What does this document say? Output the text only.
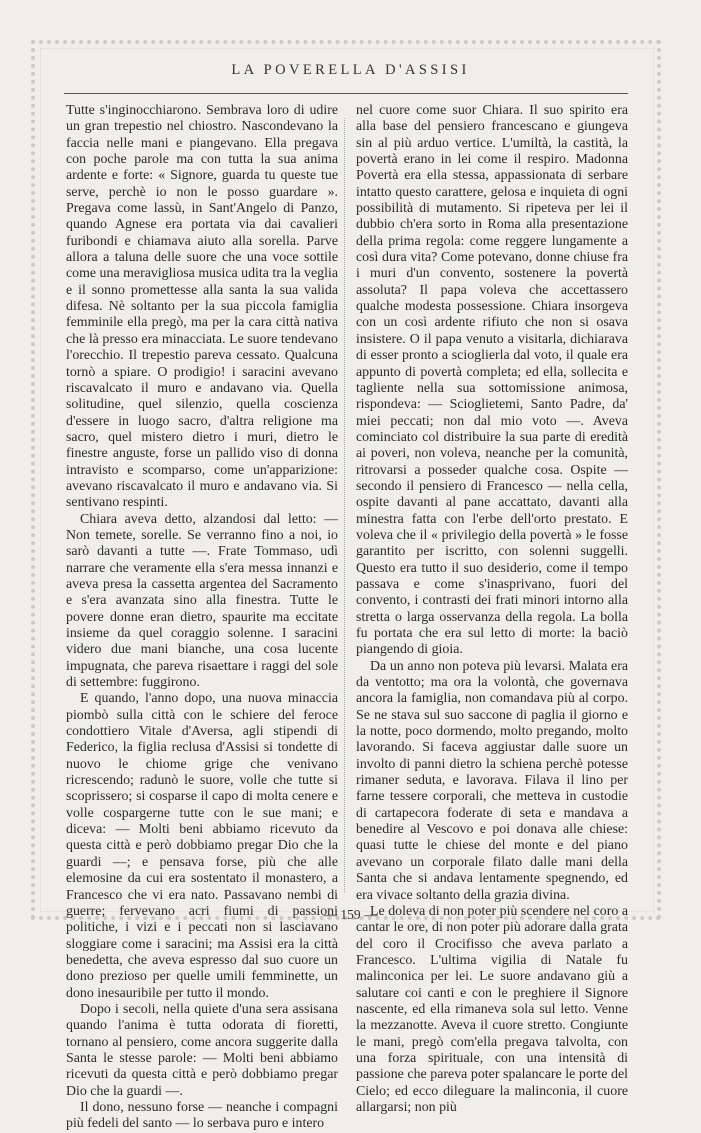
LA POVERELLA D'ASSISI

Tutte s'inginocchiarono. Sembrava loro di udire un gran trepestio nel chiostro. Nascondevano la faccia nelle mani e piangevano. Ella pregava con poche parole ma con tutta la sua anima ardente e forte: « Signore, guarda tu queste tue serve, perchè io non le posso guardare ». Pregava come lassù, in Sant'Angelo di Panzo, quando Agnese era portata via dai cavalieri furibondi e chiamava aiuto alla sorella. Parve allora a taluna delle suore che una voce sottile come una meravigliosa musica udita tra la veglia e il sonno promettesse alla santa la sua valida difesa. Nè soltanto per la sua piccola famiglia femminile ella pregò, ma per la cara città nativa che là presso era minacciata. Le suore tendevano l'orecchio. Il trepestio pareva cessato. Qualcuna tornò a spiare. O prodigio! i saracini avevano riscavalcato il muro e andavano via. Quella solitudine, quel silenzio, quella coscienza d'essere in luogo sacro, d'altra religione ma sacro, quel mistero dietro i muri, dietro le finestre anguste, forse un pallido viso di donna intravisto e scomparso, come un'apparizione: avevano riscavalcato il muro e andavano via. Si sentivano respinti.

Chiara aveva detto, alzandosi dal letto: — Non temete, sorelle. Se verranno fino a noi, io sarò davanti a tutte —. Frate Tommaso, udì narrare che veramente ella s'era messa innanzi e aveva presa la cassetta argentea del Sacramento e s'era avanzata sino alla finestra. Tutte le povere donne eran dietro, spaurite ma eccitate insieme da quel coraggio solenne. I saracini videro due mani bianche, una cosa lucente impugnata, che pareva risaettare i raggi del sole di settembre: fuggirono.

E quando, l'anno dopo, una nuova minaccia piombò sulla città con le schiere del feroce condottiero Vitale d'Aversa, agli stipendi di Federico, la figlia reclusa d'Assisi si tondette di nuovo le chiome grige che venivano ricrescendo; radunò le suore, volle che tutte si scoprissero; si cosparse il capo di molta cenere e volle cospargerne tutte con le sue mani; e diceva: — Molti beni abbiamo ricevuto da questa città e però dobbiamo pregar Dio che la guardi —; e pensava forse, più che alle elemosine da cui era sostentato il monastero, a Francesco che vi era nato. Passavano nembi di guerre; fervevano acri fiumi di passioni politiche, i vizi e i peccati non si lasciavano sloggiare come i saracini; ma Assisi era la città benedetta, che aveva espresso dal suo cuore un dono prezioso per quelle umili femminette, un dono inesauribile per tutto il mondo.

Dopo i secoli, nella quiete d'una sera assisana quando l'anima è tutta odorata di fioretti, tornano al pensiero, come ancora suggerite dalla Santa le stesse parole: — Molti beni abbiamo ricevuti da questa città e però dobbiamo pregar Dio che la guardi —.

Il dono, nessuno forse — neanche i compagni più fedeli del santo — lo serbava puro e intero

nel cuore come suor Chiara. Il suo spirito era alla base del pensiero francescano e giungeva sin al più arduo vertice. L'umiltà, la castità, la povertà erano in lei come il respiro. Madonna Povertà era ella stessa, appassionata di serbare intatto questo carattere, gelosa e inquieta di ogni possibilità di mutamento. Si ripeteva per lei il dubbio ch'era sorto in Roma alla presentazione della prima regola: come reggere lungamente a così dura vita? Come potevano, donne chiuse fra i muri d'un convento, sostenere la povertà assoluta? Il papa voleva che accettassero qualche modesta possessione. Chiara insorgeva con un così ardente rifiuto che non si osava insistere. O il papa venuto a visitarla, dichiarava di esser pronto a scioglierla dal voto, il quale era appunto di povertà completa; ed ella, sollecita e tagliente nella sua sottomissione animosa, rispondeva: — Scioglietemi, Santo Padre, da' miei peccati; non dal mio voto —. Aveva cominciato col distribuire la sua parte di eredità ai poveri, non voleva, neanche per la comunità, ritrovarsi a posseder qualche cosa. Ospite — secondo il pensiero di Francesco — nella cella, ospite davanti al pane accattato, davanti alla minestra fatta con l'erbe dell'orto prestato. E voleva che il « privilegio della povertà » le fosse garantito per iscritto, con solenni suggelli. Questo era tutto il suo desiderio, come il tempo passava e come s'inasprivano, fuori del convento, i contrasti dei frati minori intorno alla stretta o larga osservanza della regola. La bolla fu portata che era sul letto di morte: la baciò piangendo di gioia.

Da un anno non poteva più levarsi. Malata era da ventotto; ma ora la volontà, che governava ancora la famiglia, non comandava più al corpo. Se ne stava sul suo saccone di paglia il giorno e la notte, poco dormendo, molto pregando, molto lavorando. Si faceva aggiustar dalle suore un involto di panni dietro la schiena perchè potesse rimaner seduta, e lavorava. Filava il lino per farne tessere corporali, che metteva in custodie di cartapecora foderate di seta e mandava a benedire al Vescovo e poi donava alle chiese: quasi tutte le chiese del monte e del piano avevano un corporale filato dalle mani della Santa che si andava lentamente spegnendo, ed era vivace soltanto della grazia divina.

Le doleva di non poter più scendere nel coro a cantar le ore, di non poter più adorare dalla grata del coro il Crocifisso che aveva parlato a Francesco. L'ultima vigilia di Natale fu malinconica per lei. Le suore andavano giù a salutare coi canti e con le preghiere il Signore nascente, ed ella rimaneva sola sul letto. Venne la mezzanotte. Aveva il cuore stretto. Congiunte le mani, pregò com'ella pregava talvolta, con una forza spirituale, con una intensità di passione che pareva poter spalancare le porte del Cielo; ed ecco dileguare la malinconia, il cuore allargarsi; non più

— 159 —
